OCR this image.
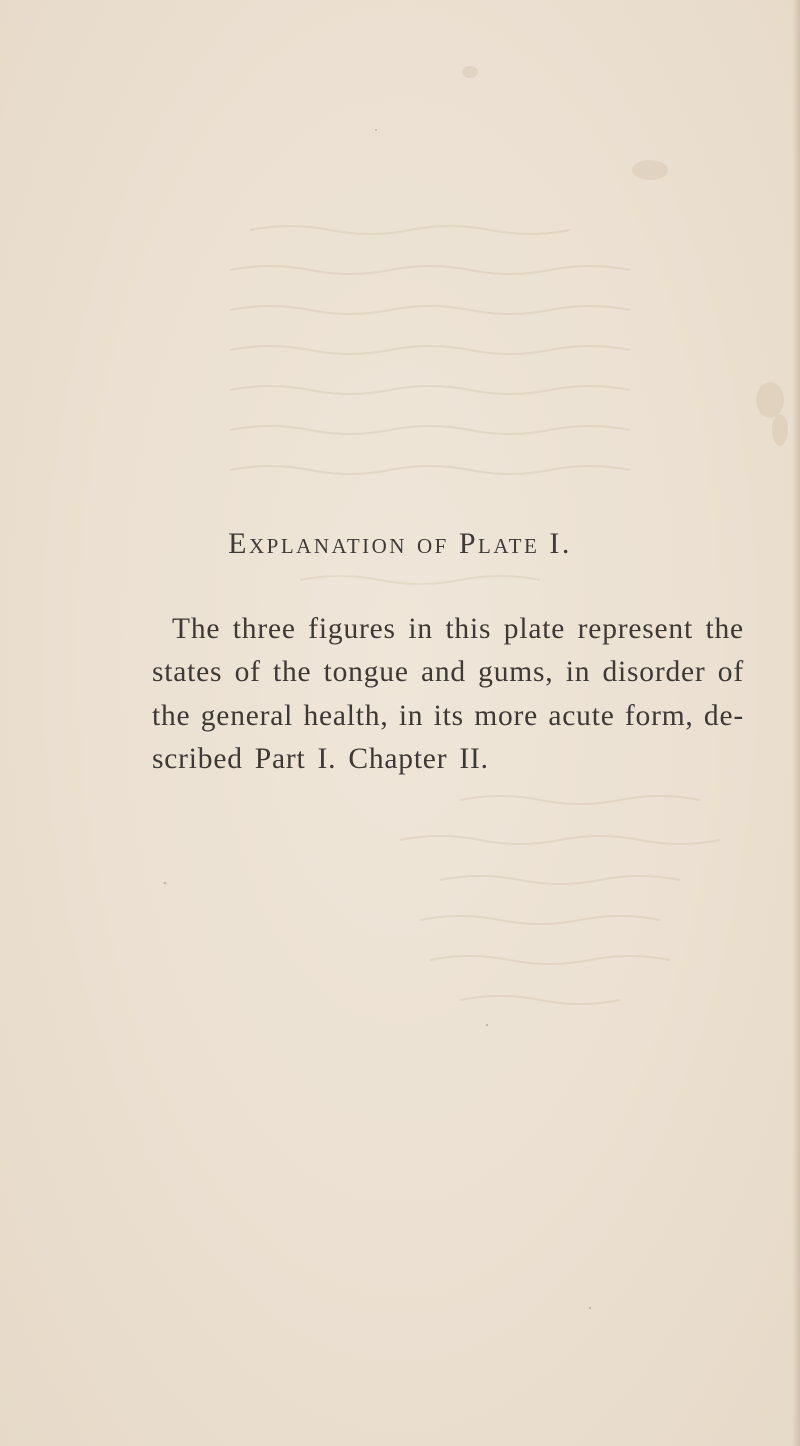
Explanation of Plate I.
The three figures in this plate represent the
states of the tongue and gums, in disorder of
the general health, in its more acute form, de-
scribed Part I. Chapter II.
